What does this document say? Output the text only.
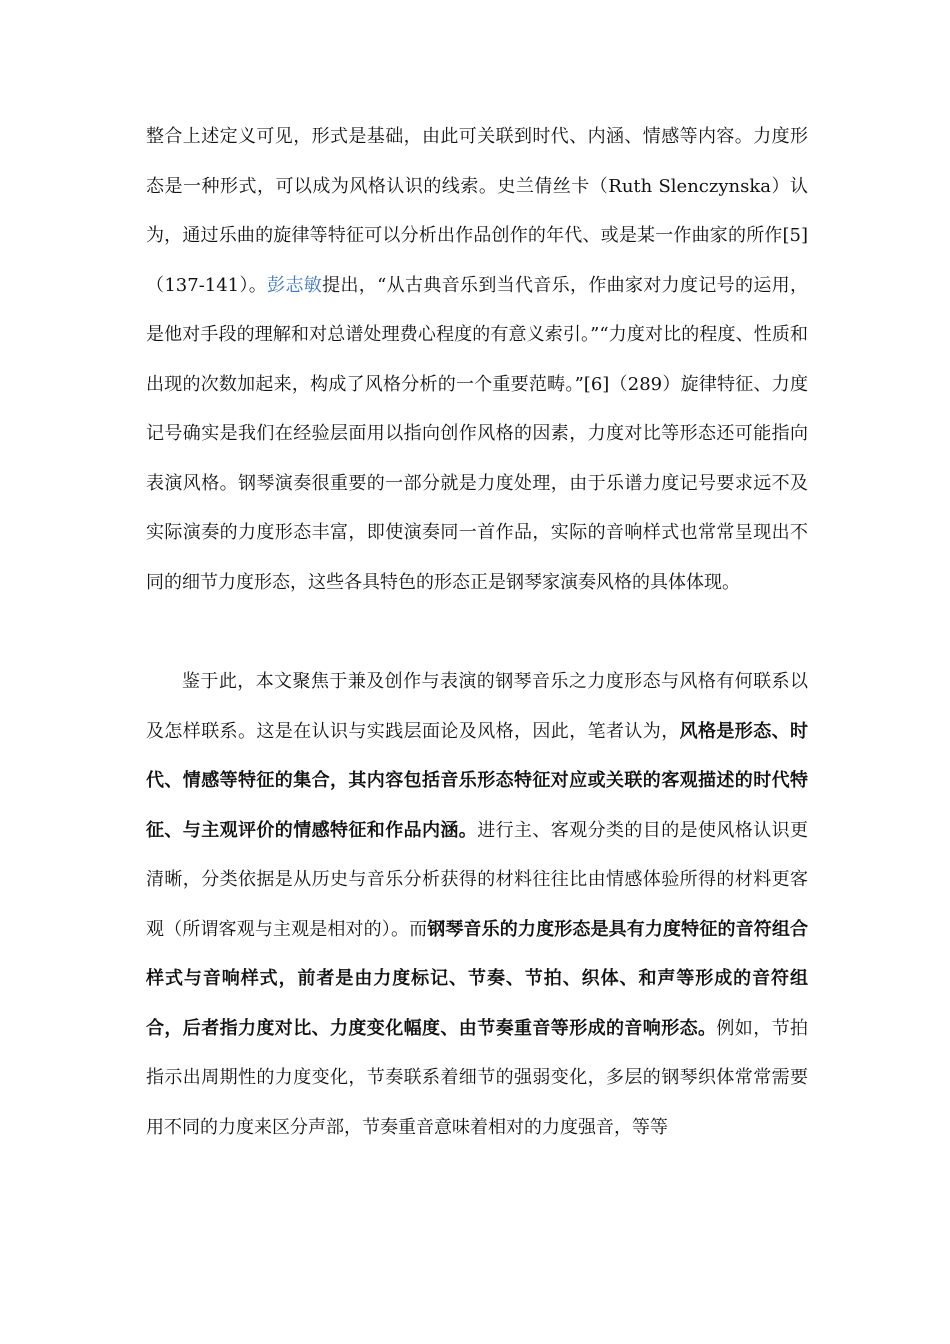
整合上述定义可见，形式是基础，由此可关联到时代、内涵、情感等内容。力度形态是一种形式，可以成为风格认识的线索。史兰倩丝卡（Ruth Slenczynska）认为，通过乐曲的旋律等特征可以分析出作品创作的年代、或是某一作曲家的所作[5]（137-141）。彭志敏提出，“从古典音乐到当代音乐，作曲家对力度记号的运用，是他对手段的理解和对总谱处理费心程度的有意义索引。”“力度对比的程度、性质和出现的次数加起来，构成了风格分析的一个重要范畴。”[6]（289）旋律特征、力度记号确实是我们在经验层面用以指向创作风格的因素，力度对比等形态还可能指向表演风格。钢琴演奏很重要的一部分就是力度处理，由于乐谱力度记号要求远不及实际演奏的力度形态丰富，即使演奏同一首作品，实际的音响样式也常常呈现出不同的细节力度形态，这些各具特色的形态正是钢琴家演奏风格的具体体现。

鉴于此，本文聚焦于兼及创作与表演的钢琴音乐之力度形态与风格有何联系以及怎样联系。这是在认识与实践层面论及风格，因此，笔者认为，风格是形态、时代、情感等特征的集合，其内容包括音乐形态特征对应或关联的客观描述的时代特征、与主观评价的情感特征和作品内涵。进行主、客观分类的目的是使风格认识更清晰，分类依据是从历史与音乐分析获得的材料往往比由情感体验所得的材料更客观（所谓客观与主观是相对的）。而钢琴音乐的力度形态是具有力度特征的音符组合样式与音响样式，前者是由力度标记、节奏、节拍、织体、和声等形成的音符组合，后者指力度对比、力度变化幅度、由节奏重音等形成的音响形态。例如，节拍指示出周期性的力度变化，节奏联系着细节的强弱变化，多层的钢琴织体常常需要用不同的力度来区分声部，节奏重音意味着相对的力度强音，等等
